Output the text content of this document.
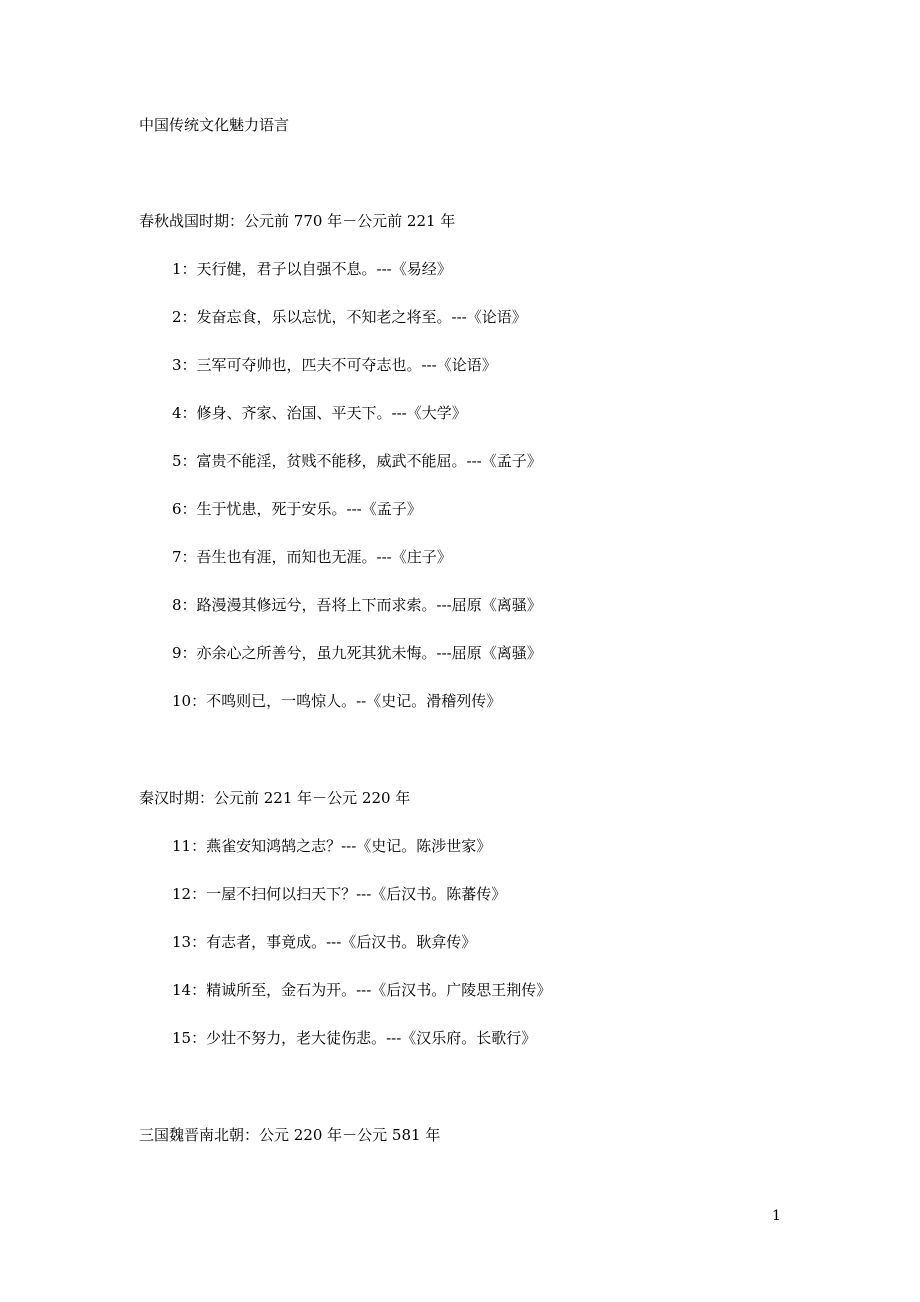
中国传统文化魅力语言
春秋战国时期：公元前 770 年－公元前 221 年
1：天行健，君子以自强不息。---《易经》
2：发奋忘食，乐以忘忧，不知老之将至。---《论语》
3：三军可夺帅也，匹夫不可夺志也。---《论语》
4：修身、齐家、治国、平天下。---《大学》
5：富贵不能淫，贫贱不能移，威武不能屈。---《孟子》
6：生于忧患，死于安乐。---《孟子》
7：吾生也有涯，而知也无涯。---《庄子》
8：路漫漫其修远兮，吾将上下而求索。---屈原《离骚》
9：亦余心之所善兮，虽九死其犹未悔。---屈原《离骚》
10：不鸣则已，一鸣惊人。--《史记。滑稽列传》
秦汉时期：公元前 221 年－公元 220 年
11：燕雀安知鸿鹄之志？---《史记。陈涉世家》
12：一屋不扫何以扫天下？---《后汉书。陈蕃传》
13：有志者，事竟成。---《后汉书。耿弇传》
14：精诚所至，金石为开。---《后汉书。广陵思王荆传》
15：少壮不努力，老大徒伤悲。---《汉乐府。长歌行》
三国魏晋南北朝：公元 220 年－公元 581 年
1
